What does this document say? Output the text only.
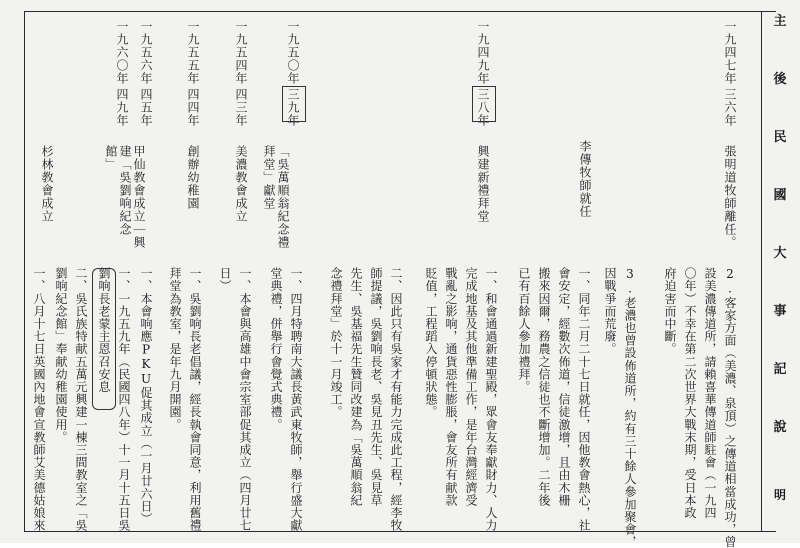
主
後
民
國
大
事
記
說
明
一九四七年
三六年
張明道牧師離任。
一九四九年
三八年
興建新禮拜堂	李傳牧師就任
一九五〇年
三九年
「吳萬順翁紀念禮拜堂」獻堂
一九五四年
四三年
美濃教會成立
一九五五年
四四年
創辦幼稚園
一九五六年
四五年
甲仙教會成立｜興建「吳劉响紀念館」
一九六〇年
四九年
杉林教會成立
2.客家方面（美濃、泉頂）之傳道相當成功，曾
設美濃傳道所，請賴喜華傳道師駐會（一九四
〇年）不幸在第二次世界大戰末期，受日本政
府迫害而中斷。
3.老濃也曾設佈道所，約有三十餘人參加聚會，
因戰爭而荒廢。
一、同年二月二十七日就任，因他教會熱心，社
會安定，經數次佈道，信徒激增，且由木栅
搬來因爾，務農之信徒也不斷增加。二年後
已有百餘人參加禮拜。
一、和會通過新建聖殿，眾會友奉獻財力、人力
完成地基及其他準備工作，是年台灣經濟受
戰亂之影响，通貨惡性膨脹，會友所有献款
貶值，工程蹈入停頓狀態。
二、因此只有吳家才有能力完成此工程，經李牧
師提議，吳劉响長老、吳見丑先生、吳見草
先生、吳基福先生贊同改建為「吳萬順翁紀
念禮拜堂」於十一月竣工。
一、四月特聘南大議長黃武東牧師，舉行盛大獻
堂典禮，併舉行會覺式典禮。
一、本會與高雄中會宗室部促其成立（四月廿七
日）
一、吳劉响長老倡議，經長執會同意，利用舊禮
拜堂為教室，是年九月開園。
一、本會响應PKU促其成立（一月廿六日）
一、一九五九年（民國四八年）十一月十五日吳
劉响長老蒙主恩召安息
二、吳氏族特献五萬元興建一棟三間教室之「吳
劉响紀念館」奉献幼稚園使用。
一、八月十七日英國內地會宣教師艾美德姑娘來
